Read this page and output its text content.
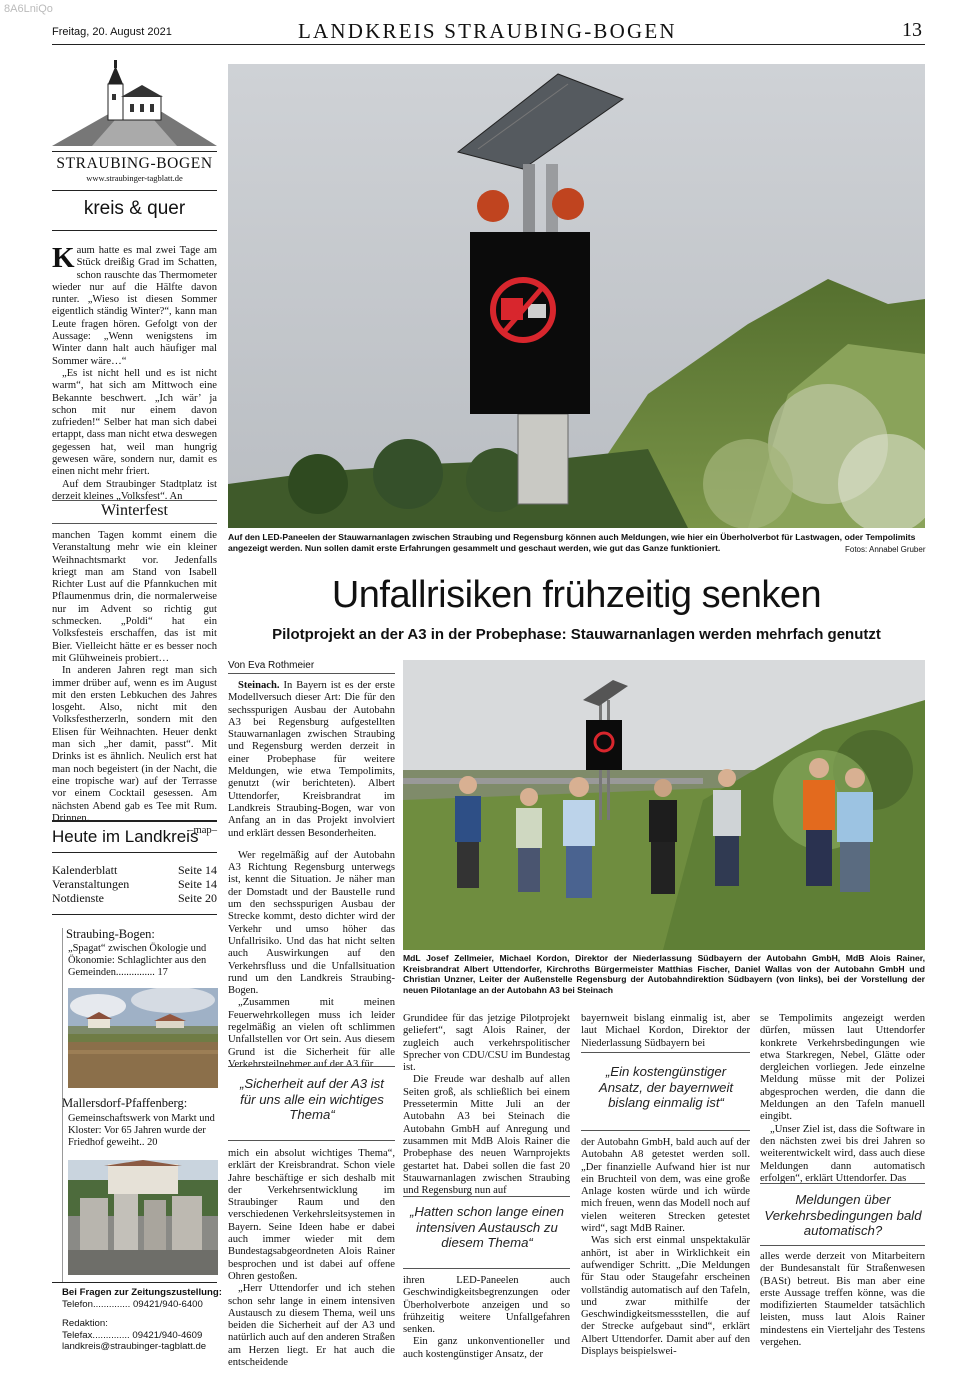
8A6LniQo
Freitag, 20. August 2021	LANDKREIS STRAUBING-BOGEN	13
STRAUBING-BOGEN
www.straubinger-tagblatt.de
kreis & quer

Kaum hatte es mal zwei Tage am Stück dreißig Grad im Schatten, schon rauschte das Thermometer wieder nur auf die Hälfte davon runter. „Wieso ist diesen Sommer eigentlich ständig Winter?“, kann man Leute fragen hören. Gefolgt von der Aussage: „Wenn wenigstens im Winter dann halt auch häufiger mal Sommer wäre…“

„Es ist nicht hell und es ist nicht warm“, hat sich am Mittwoch eine Bekannte beschwert. „Ich wär’ ja schon mit nur einem davon zufrieden!“ Selber hat man sich dabei ertappt, dass man nicht etwa deswegen gegessen hat, weil man hungrig gewesen wäre, sondern nur, damit es einen nicht mehr friert.

Auf dem Straubinger Stadtplatz ist derzeit kleines „Volksfest“. An

Winterfest

manchen Tagen kommt einem die Veranstaltung mehr wie ein kleiner Weihnachtsmarkt vor. Jedenfalls kriegt man am Stand von Isabell Richter Lust auf die Pfannkuchen mit Pflaumenmus drin, die normalerweise nur im Advent so richtig gut schmecken. „Poldi“ hat ein Volksfesteis erschaffen, das ist mit Bier. Vielleicht hätte er es besser noch mit Glühweineis probiert…

In anderen Jahren regt man sich immer drüber auf, wenn es im August mit den ersten Lebkuchen des Jahres losgeht. Also, nicht mit den Volksfestherzerln, sondern mit den Elisen für Weihnachten. Heuer denkt man sich „her damit, passt“. Mit Drinks ist es ähnlich. Neulich erst hat man noch begeistert (in der Nacht, die eine tropische war) auf der Terrasse vor einem Cocktail gesessen. Am nächsten Abend gab es Tee mit Rum. Drinnen.

–map–
Heute im Landkreis
Kalenderblatt	Seite 14
Veranstaltungen	Seite 14
Notdienste	Seite 20
Straubing-Bogen:
„Spagat“ zwischen Ökologie und Ökonomie: Schlaglichter aus den Gemeinden............... 17
Mallersdorf-Pfaffenberg:
Gemeinschaftswerk von Markt und Kloster: Vor 65 Jahren wurde der Friedhof geweiht.. 20
Bei Fragen zur Zeitungszustellung:
Telefon.............. 09421/940-6400
Redaktion:
Telefax.............. 09421/940-4609
landkreis@straubinger-tagblatt.de
Auf den LED-Paneelen der Stauwarnanlagen zwischen Straubing und Regensburg können auch Meldungen, wie hier ein Überholverbot für Lastwagen, oder Tempolimits angezeigt werden. Nun sollen damit erste Erfahrungen gesammelt und geschaut werden, wie gut das Ganze funktioniert.	Fotos: Annabel Gruber
Unfallrisiken frühzeitig senken
Pilotprojekt an der A3 in der Probephase: Stauwarnanlagen werden mehrfach genutzt
Von Eva Rothmeier

Steinach. In Bayern ist es der erste Modellversuch dieser Art: Die für den sechsspurigen Ausbau der Autobahn A3 bei Regensburg aufgestellten Stauwarnanlagen zwischen Straubing und Regensburg werden derzeit in einer Probephase für weitere Meldungen, wie etwa Tempolimits, genutzt (wir berichteten). Albert Uttendorfer, Kreisbrandrat im Landkreis Straubing-Bogen, war von Anfang an in das Projekt involviert und erklärt dessen Besonderheiten.

Wer regelmäßig auf der Autobahn A3 Richtung Regensburg unterwegs ist, kennt die Situation. Je näher man der Domstadt und der Baustelle rund um den sechsspurigen Ausbau der Strecke kommt, desto dichter wird der Verkehr und umso höher das Unfallrisiko. Und das hat nicht selten auch Auswirkungen auf den Verkehrsfluss und die Unfallsituation rund um den Landkreis Straubing-Bogen.

„Zusammen mit meinen Feuerwehrkollegen muss ich leider regelmäßig an vielen oft schlimmen Unfallstellen vor Ort sein. Aus diesem Grund ist die Sicherheit für alle Verkehrsteilnehmer auf der A3 für

„Sicherheit auf der A3 ist für uns alle ein wichtiges Thema“

mich ein absolut wichtiges Thema“, erklärt der Kreisbrandrat. Schon viele Jahre beschäftige er sich deshalb mit der Verkehrsentwicklung im Straubinger Raum und den verschiedenen Verkehrsleitsystemen in Bayern. Seine Ideen habe er dabei auch immer wieder mit dem Bundestagsabgeordneten Alois Rainer besprochen und ist dabei auf offene Ohren gestoßen.

„Herr Uttendorfer und ich stehen schon sehr lange in einem intensiven Austausch zu diesem Thema, weil uns beiden die Sicherheit auf der A3 und natürlich auch auf den anderen Straßen am Herzen liegt. Er hat auch die entscheidende

MdL Josef Zellmeier, Michael Kordon, Direktor der Niederlassung Südbayern der Autobahn GmbH, MdB Alois Rainer, Kreisbrandrat Albert Uttendorfer, Kirchroths Bürgermeister Matthias Fischer, Daniel Wallas von der Autobahn GmbH und Christian Unzner, Leiter der Außenstelle Regensburg der Autobahndirektion Südbayern (von links), bei der Vorstellung der neuen Pilotanlage an der Autobahn A3 bei Steinach

Grundidee für das jetzige Pilotprojekt geliefert“, sagt Alois Rainer, der zugleich auch verkehrspolitischer Sprecher von CDU/CSU im Bundestag ist.

Die Freude war deshalb auf allen Seiten groß, als schließlich bei einem Pressetermin Mitte Juli an der Autobahn A3 bei Steinach die Autobahn GmbH auf Anregung und zusammen mit MdB Alois Rainer die Probephase des neuen Warnprojekts gestartet hat. Dabei sollen die fast 20 Stauwarnanlagen zwischen Straubing und Regensburg nun auf

„Hatten schon lange einen intensiven Austausch zu diesem Thema“

ihren LED-Paneelen auch Geschwindigkeitsbegrenzungen oder Überholverbote anzeigen und so frühzeitig weitere Unfallgefahren senken.

Ein ganz unkonventioneller und auch kostengünstiger Ansatz, der

bayernweit bislang einmalig ist, aber laut Michael Kordon, Direktor der Niederlassung Südbayern bei

„Ein kostengünstiger Ansatz, der bayernweit bislang einmalig ist“

der Autobahn GmbH, bald auch auf der Autobahn A8 getestet werden soll. „Der finanzielle Aufwand hier ist nur ein Bruchteil von dem, was eine große Anlage kosten würde und ich würde mich freuen, wenn das Modell noch auf vielen weiteren Strecken getestet wird“, sagt MdB Rainer.

Was sich erst einmal unspektakulär anhört, ist aber in Wirklichkeit ein aufwendiger Schritt. „Die Meldungen für Stau oder Staugefahr erscheinen vollständig automatisch auf den Tafeln, und zwar mithilfe der Geschwindigkeitsmessstellen, die auf der Strecke aufgebaut sind“, erklärt Albert Uttendorfer. Damit aber auf den Displays beispielswei-

se Tempolimits angezeigt werden dürfen, müssen laut Uttendorfer konkrete Verkehrsbedingungen wie etwa Starkregen, Nebel, Glätte oder dergleichen vorliegen. Jede einzelne Meldung müsse mit der Polizei abgesprochen werden, die dann die Meldungen an den Tafeln manuell eingibt.

„Unser Ziel ist, dass die Software in den nächsten zwei bis drei Jahren so weiterentwickelt wird, dass auch diese Meldungen dann automatisch erfolgen“, erklärt Uttendorfer. Das

Meldungen über Verkehrsbedingungen bald automatisch?

alles werde derzeit von Mitarbeitern der Bundesanstalt für Straßenwesen (BASt) betreut. Bis man aber eine erste Aussage treffen könne, was die modifizierten Staumelder tatsächlich leisten, muss laut Alois Rainer mindestens ein Vierteljahr des Testens vergehen.
